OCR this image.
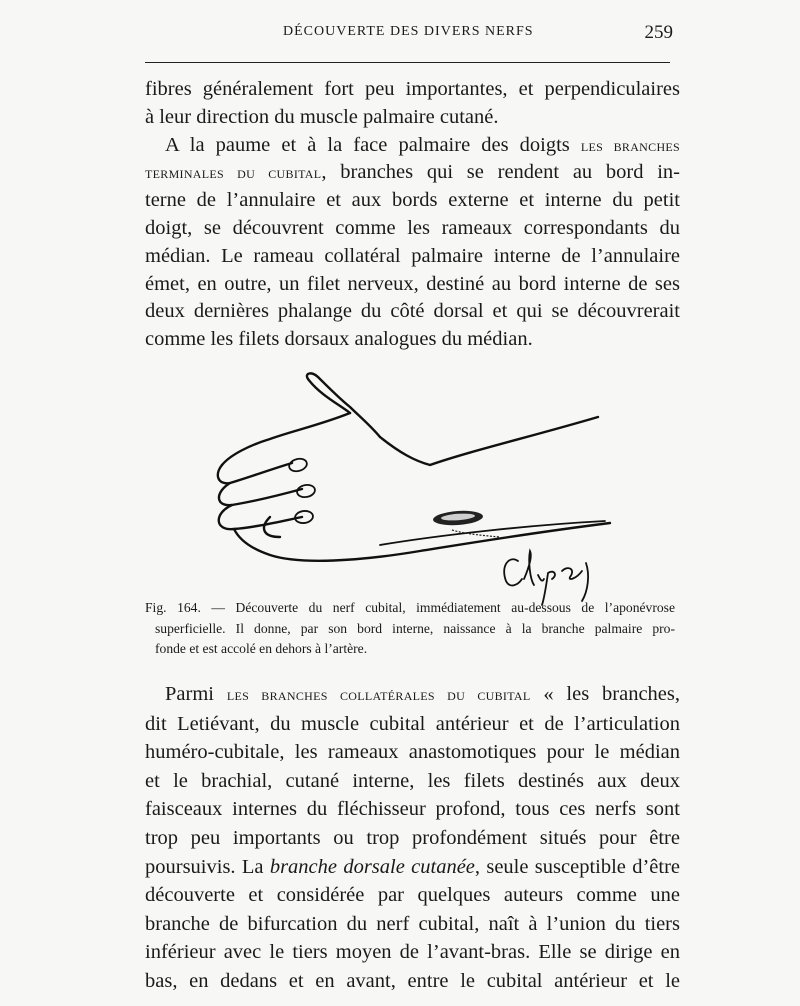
DÉCOUVERTE DES DIVERS NERFS	259

fibres généralement fort peu importantes, et perpendiculaires
à leur direction du muscle palmaire cutané.
A la paume et à la face palmaire des doigts les branches
terminales du cubital, branches qui se rendent au bord in-
terne de l’annulaire et aux bords externe et interne du petit
doigt, se découvrent comme les rameaux correspondants du
médian. Le rameau collatéral palmaire interne de l’annulaire
émet, en outre, un filet nerveux, destiné au bord interne de ses
deux dernières phalange du côté dorsal et qui se découvrerait
comme les filets dorsaux analogues du médian.

Fig. 164. — Découverte du nerf cubital, immédiatement au-dessous de l’aponévrose
superficielle. Il donne, par son bord interne, naissance à la branche palmaire pro-
fonde et est accolé en dehors à l’artère.

Parmi les branches collatérales du cubital « les branches,
dit Letiévant, du muscle cubital antérieur et de l’articulation
huméro-cubitale, les rameaux anastomotiques pour le médian
et le brachial, cutané interne, les filets destinés aux deux
faisceaux internes du fléchisseur profond, tous ces nerfs sont
trop peu importants ou trop profondément situés pour être
poursuivis. La branche dorsale cutanée, seule susceptible d’être
découverte et considérée par quelques auteurs comme une
branche de bifurcation du nerf cubital, naît à l’union du tiers
inférieur avec le tiers moyen de l’avant-bras. Elle se dirige en
bas, en dedans et en avant, entre le cubital antérieur et le
